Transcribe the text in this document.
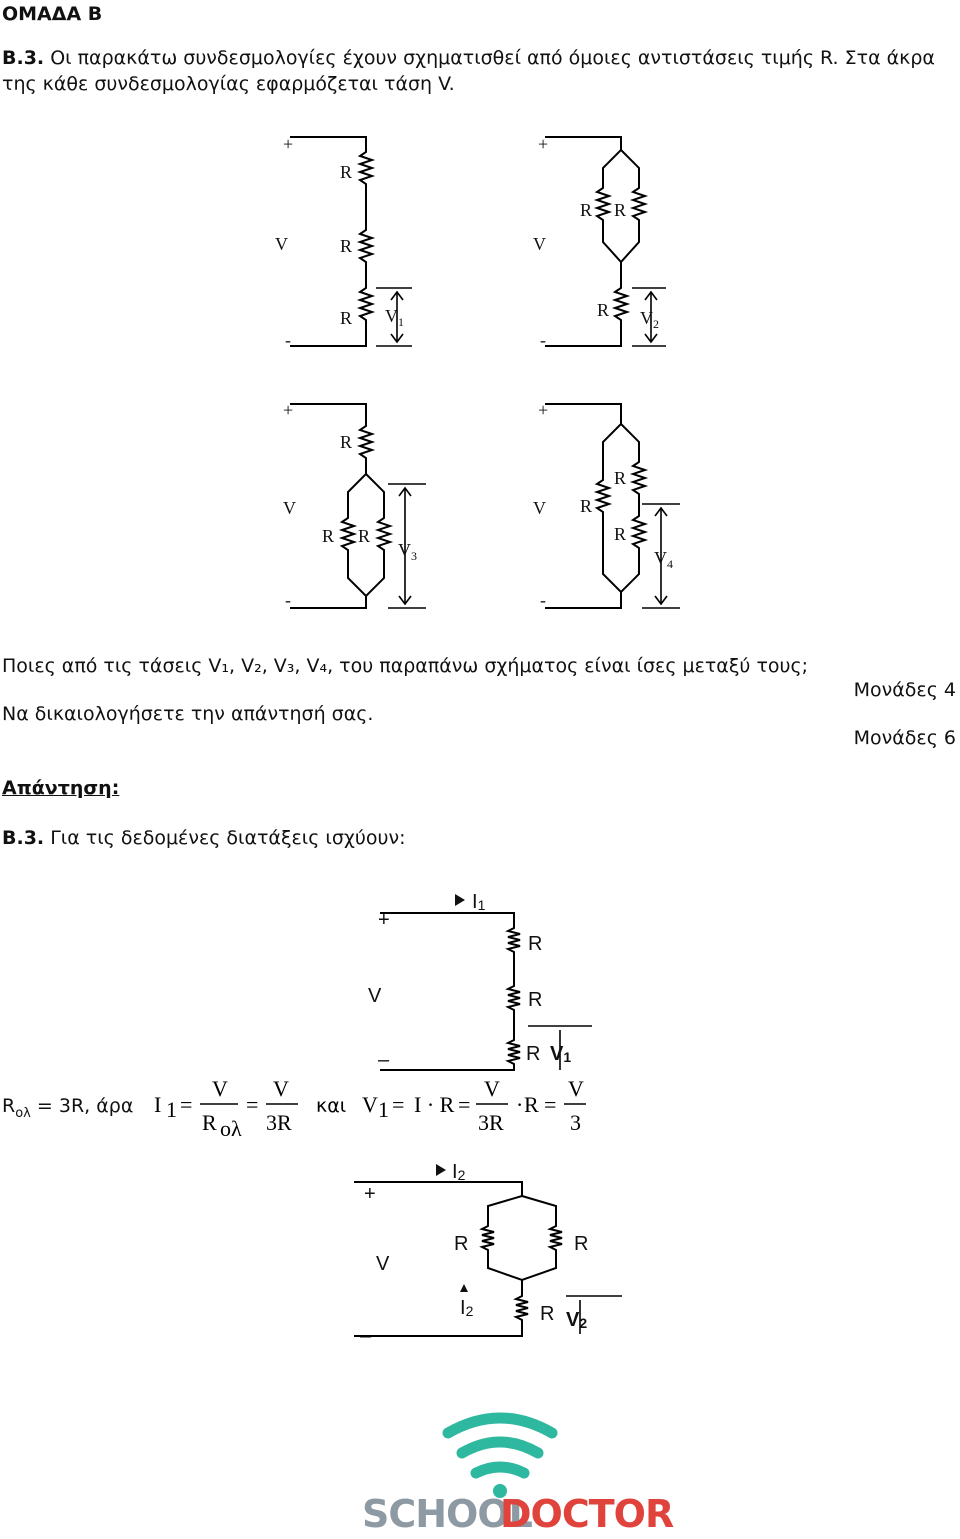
ΟΜΑΔΑ Β
Β.3. Οι παρακάτω συνδεσμολογίες έχουν σχηματισθεί από όμοιες αντιστάσεις τιμής R. Στα άκρα
της κάθε συνδεσμολογίας εφαρμόζεται τάση V.
+
V
-
R
R
R $V_1$
+
V
-
R R
R $V_2$
+
V
-
R
R R
$V_3$
+
V
-
R
R
R
$V_4$
Ποιες από τις τάσεις V₁, V₂, V₃, V₄, του παραπάνω σχήματος είναι ίσες μεταξύ τους;
Μονάδες 4
Να δικαιολογήσετε την απάντησή σας.
Μονάδες 6
Απάντηση:
Β.3. Για τις δεδομένες διατάξεις ισχύουν:
+
V
–
I1
R
R
R V1
$R_{o\lambda} = 3R$, άρα I 1 =
V
R ολ
=
V
3R
και V 1 = I · R =
V
3R
· R =
V
3
+
V
–
I2
R	R
I2	R V2
SCHOOL
DOCTOR
